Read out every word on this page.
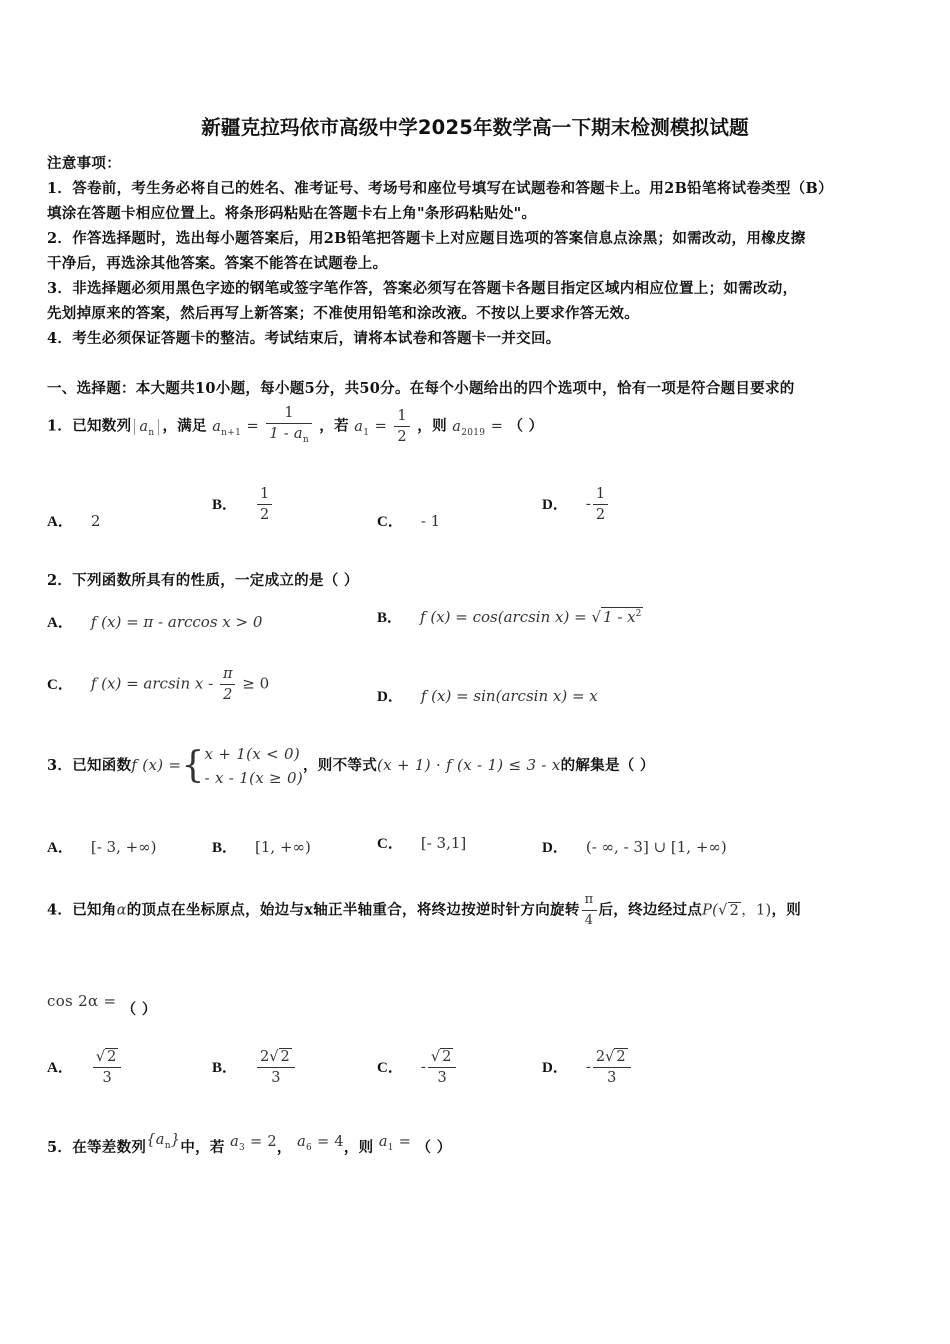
新疆克拉玛依市高级中学2025年数学高一下期末检测模拟试题
注意事项：
1．答卷前，考生务必将自己的姓名、准考证号、考场号和座位号填写在试题卷和答题卡上。用2B铅笔将试卷类型（B）
填涂在答题卡相应位置上。将条形码粘贴在答题卡右上角"条形码粘贴处"。
2．作答选择题时，选出每小题答案后，用2B铅笔把答题卡上对应题目选项的答案信息点涂黑；如需改动，用橡皮擦
干净后，再选涂其他答案。答案不能答在试题卷上。
3．非选择题必须用黑色字迹的钢笔或签字笔作答，答案必须写在答题卡各题目指定区域内相应位置上；如需改动，
先划掉原来的答案，然后再写上新答案；不准使用铅笔和涂改液。不按以上要求作答无效。
4．考生必须保证答题卡的整洁。考试结束后，请将本试卷和答题卡一并交回。
一、选择题：本大题共10小题，每小题5分，共50分。在每个小题给出的四个选项中，恰有一项是符合题目要求的
1．已知数列 $a_n$ ，满足 $a_{n+1} = \frac{1}{1 - a_n}$ ，若 $a_1 = \frac{1}{2}$ ，则 $a_{2019}$ = （ ）
A． 2
B． $\frac{1}{2}$	C． - 1
D． - $\frac{1}{2}$
2．下列函数所具有的性质，一定成立的是（ ）
A． f (x) = π - arccos x > 0	B． f (x) = cos(arcsin x) = √ $1 - x^2$
C． f $(x) = \arcsin x - \frac{\pi}{2} \ge 0$
D． f (x) = sin(arcsin x) = x
3．已知函数f (x) ={ x + 1(x < 0)
- x - 1(x ≥ 0)
，则不等式(x + 1) · f (x - 1) ≤ 3 - x的解集是（ ）
A． [- 3, +∞)	B． [1, +∞)	C． [- 3,1]	D． (- ∞, - 3] ∪ [1, +∞)
4．已知角α的顶点在坐标原点，始边与x轴正半轴重合，将终边按逆时针方向旋转 $\frac{\pi}{4}$ 后，终边经过点P(√ 2 ，1)，则
cos 2α = （ ）
A． $\frac{√ 2}{3}$	B． $\frac{2√ 2}{3}$	C． - $\frac{√ 2}{3}$	D． - $\frac{2√ 2}{3}$
5．在等差数列$\{a_n\}$中，若 $a_3 = 2$， $a_6 = 4$，则 $a_1$ = （ ）
